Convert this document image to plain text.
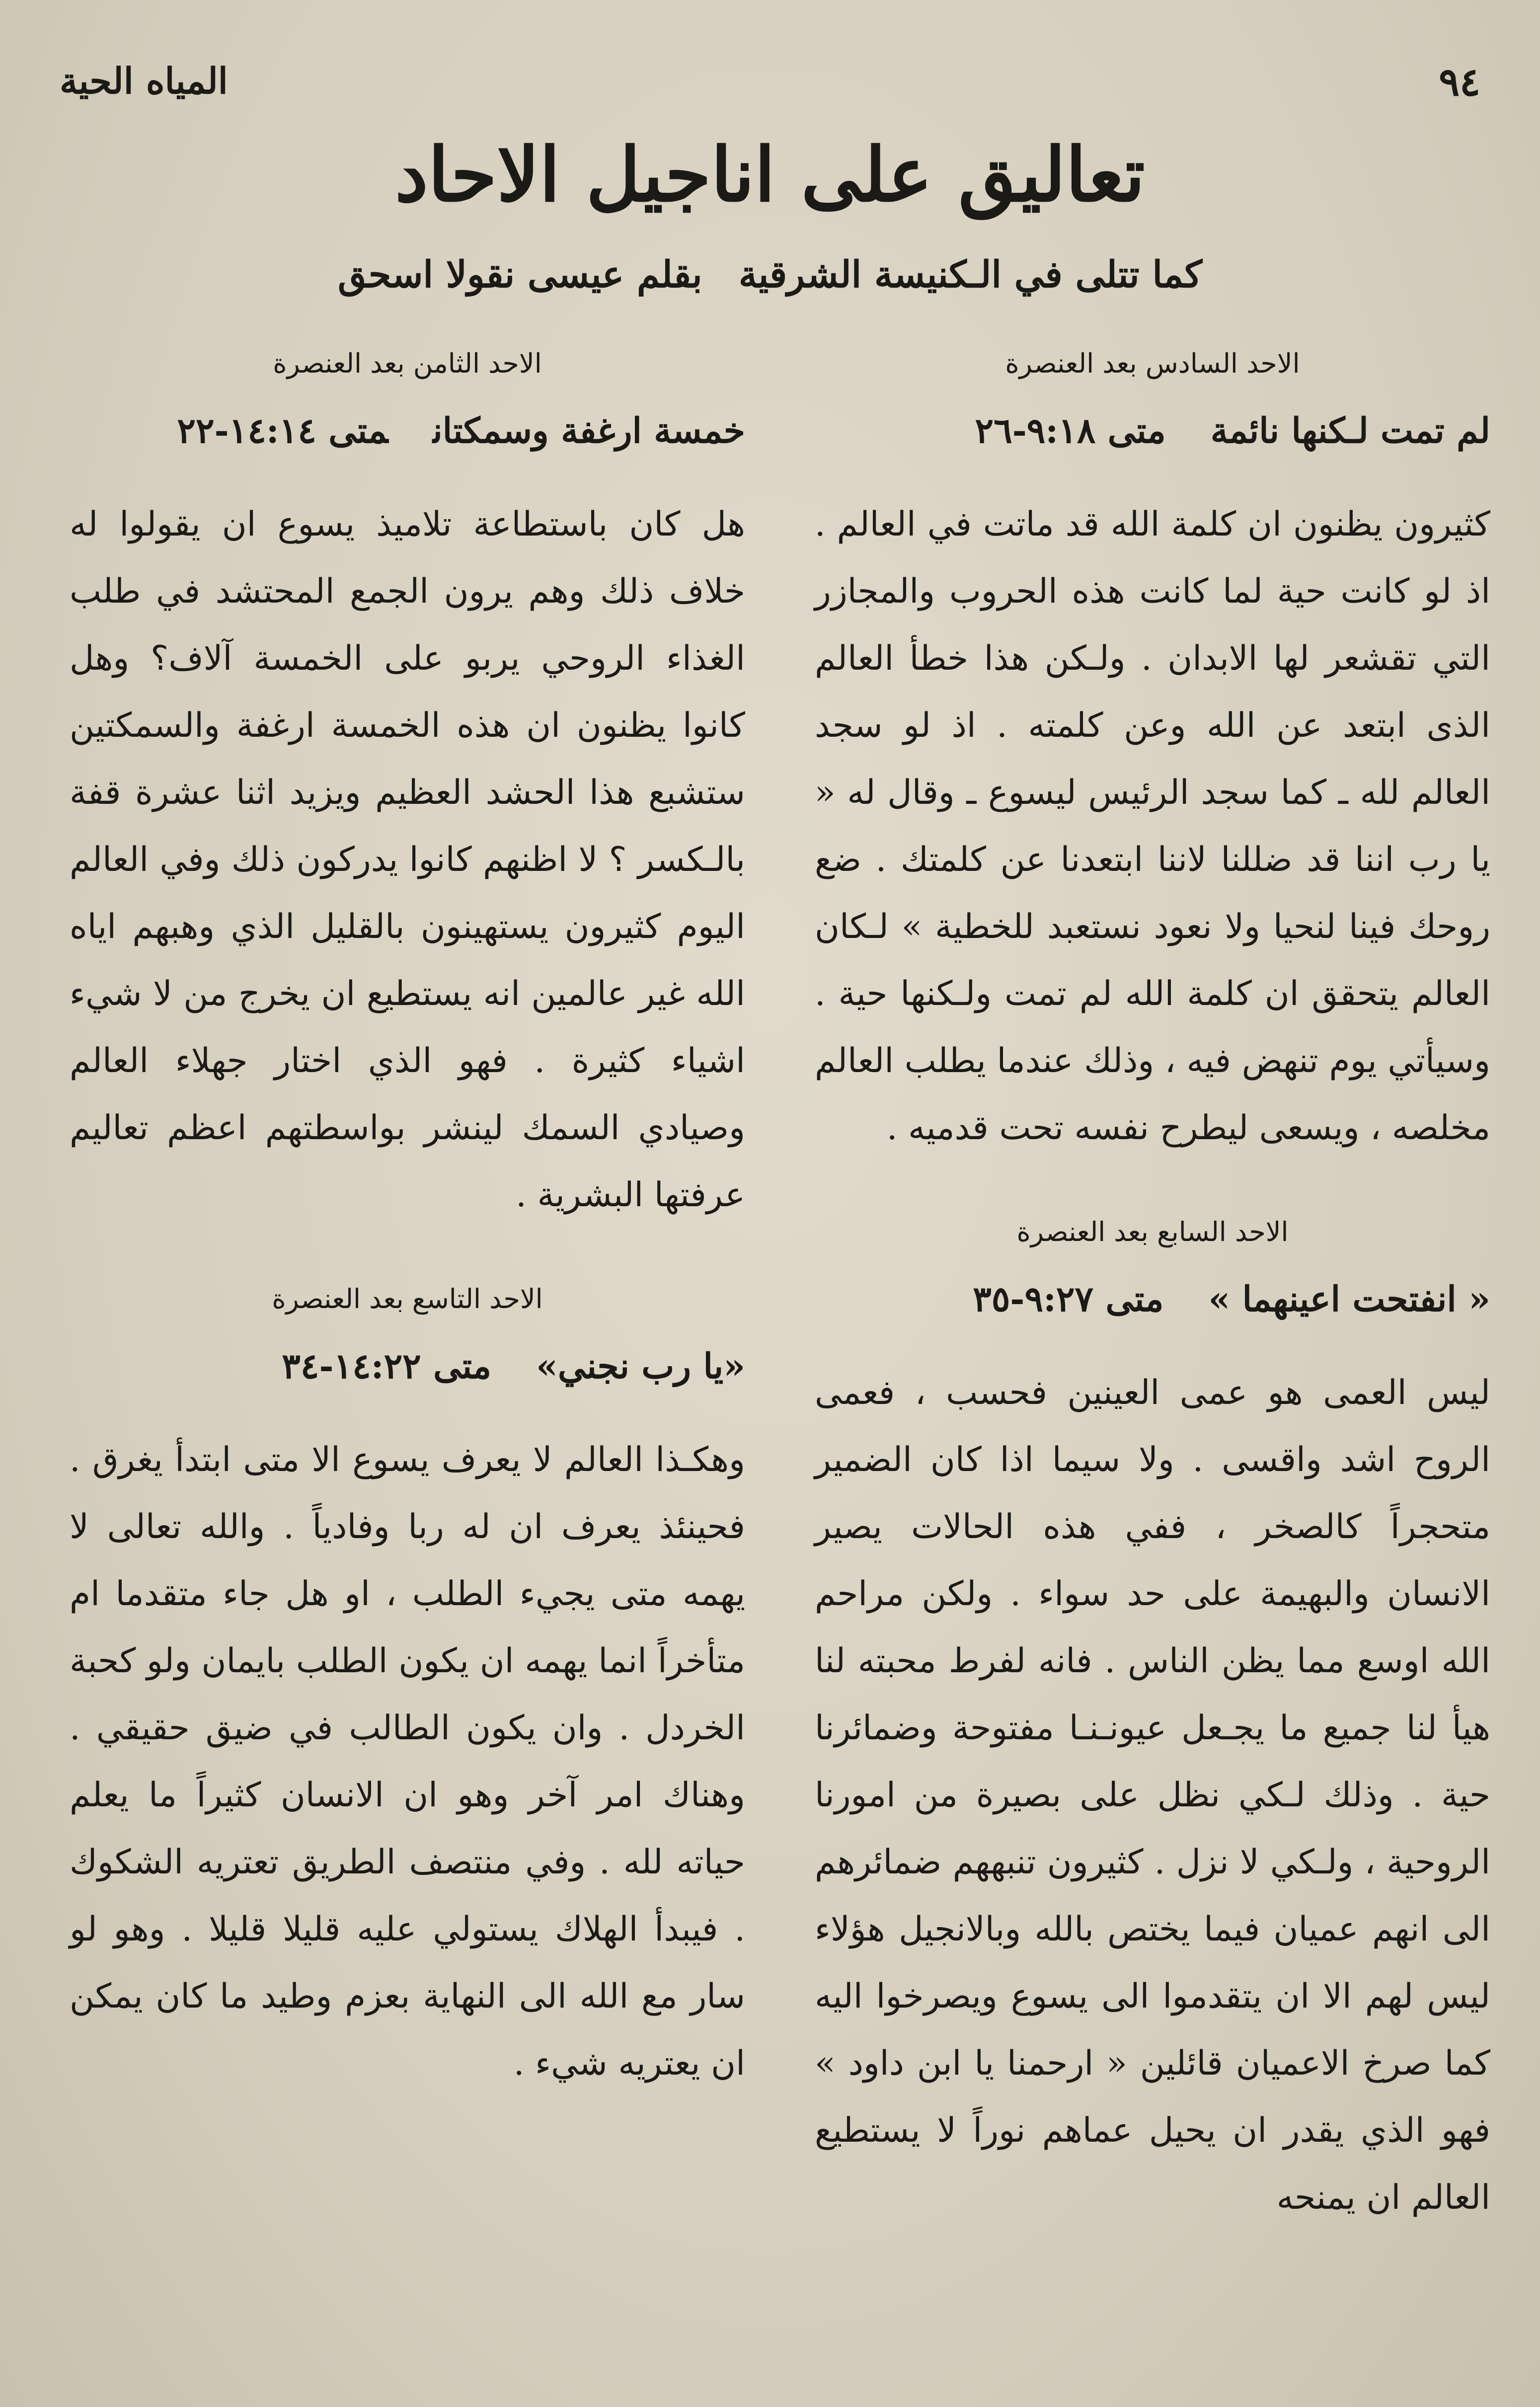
٩٤
المياه الحية
تعاليق على اناجيل الاحاد
كما تتلى في الـكنيسة الشرقية
بقلم عيسى نقولا اسحق
الاحد السادس بعد العنصرة
لم تمت لـكنها نائمةمتى ٩:١٨-٢٦

كثيرون يظنون ان كلمة الله قد ماتت في العالم . اذ لو كانت حية لما كانت هذه الحروب والمجازر التي تقشعر لها الابدان . ولـكن هذا خطأ العالم الذى ابتعد عن الله وعن كلمته . اذ لو سجد العالم لله ـ كما سجد الرئيس ليسوع ـ وقال له « يا رب اننا قد ضللنا لاننا ابتعدنا عن كلمتك . ضع روحك فينا لنحيا ولا نعود نستعبد للخطية » لـكان العالم يتحقق ان كلمة الله لم تمت ولـكنها حية . وسيأتي يوم تنهض فيه ، وذلك عندما يطلب العالم مخلصه ، ويسعى ليطرح نفسه تحت قدميه .

الاحد السابع بعد العنصرة
« انفتحت اعينهما »متى ٩:٢٧-٣٥

ليس العمى هو عمى العينين فحسب ، فعمى الروح اشد واقسى . ولا سيما اذا كان الضمير متحجراً كالصخر ، ففي هذه الحالات يصير الانسان والبهيمة على حد سواء . ولكن مراحم الله اوسع مما يظن الناس . فانه لفرط محبته لنا هيأ لنا جميع ما يجـعل عيونـنـا مفتوحة وضمائرنا حية . وذلك لـكي نظل على بصيرة من امورنا الروحية ، ولـكي لا نزل . كثيرون تنبههم ضمائرهم الى انهم عميان فيما يختص بالله وبالانجيل هؤلاء ليس لهم الا ان يتقدموا الى يسوع ويصرخوا اليه كما صرخ الاعميان قائلين « ارحمنا يا ابن داود » فهو الذي يقدر ان يحيل عماهم نوراً لا يستطيع العالم ان يمنحه

الاحد الثامن بعد العنصرة
خمسة ارغفة وسمكتانمتى ١٤:١٤-٢٢

هل كان باستطاعة تلاميذ يسوع ان يقولوا له خلاف ذلك وهم يرون الجمع المحتشد في طلب الغذاء الروحي يربو على الخمسة آلاف؟ وهل كانوا يظنون ان هذه الخمسة ارغفة والسمكتين ستشبع هذا الحشد العظيم ويزيد اثنا عشرة قفة بالـكسر ؟ لا اظنهم كانوا يدركون ذلك وفي العالم اليوم كثيرون يستهينون بالقليل الذي وهبهم اياه الله غير عالمين انه يستطيع ان يخرج من لا شيء اشياء كثيرة . فهو الذي اختار جهلاء العالم وصيادي السمك لينشر بواسطتهم اعظم تعاليم عرفتها البشرية .

الاحد التاسع بعد العنصرة
«يا رب نجني»متى ١٤:٢٢-٣٤

وهكـذا العالم لا يعرف يسوع الا متى ابتدأ يغرق . فحينئذ يعرف ان له ربا وفادياً . والله تعالى لا يهمه متى يجيء الطلب ، او هل جاء متقدما ام متأخراً انما يهمه ان يكون الطلب بايمان ولو كحبة الخردل . وان يكون الطالب في ضيق حقيقي . وهناك امر آخر وهو ان الانسان كثيراً ما يعلم حياته لله . وفي منتصف الطريق تعتريه الشكوك . فيبدأ الهلاك يستولي عليه قليلا قليلا . وهو لو سار مع الله الى النهاية بعزم وطيد ما كان يمكن ان يعتريه شيء .
